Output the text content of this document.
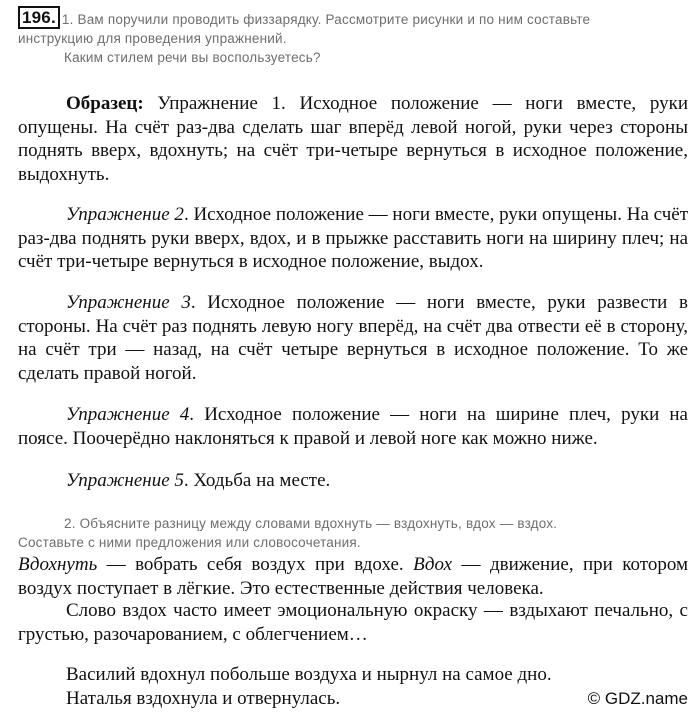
196. 1. Вам поручили проводить физзарядку. Рассмотрите рисунки и по ним составьте
инструкцию для проведения упражнений.
Каким стилем речи вы воспользуетесь?

Образец: Упражнение 1. Исходное положение — ноги вместе, руки опущены. На счёт раз-два сделать шаг вперёд левой ногой, руки через стороны поднять вверх, вдохнуть; на счёт три-четыре вернуться в исходное положение, выдохнуть.

Упражнение 2. Исходное положение — ноги вместе, руки опущены. На счёт раз-два поднять руки вверх, вдох, и в прыжке расставить ноги на ширину плеч; на счёт три-четыре вернуться в исходное положение, выдох.

Упражнение 3. Исходное положение — ноги вместе, руки развести в стороны. На счёт раз поднять левую ногу вперёд, на счёт два отвести её в сторону, на счёт три — назад, на счёт четыре вернуться в исходное положение. То же сделать правой ногой.

Упражнение 4. Исходное положение — ноги на ширине плеч, руки на поясе. Поочерёдно наклоняться к правой и левой ноге как можно ниже.

Упражнение 5. Ходьба на месте.

2. Объясните разницу между словами вдохнуть — вздохнуть, вдох — вздох.
Составьте с ними предложения или словосочетания.

Вдохнуть — вобрать себя воздух при вдохе. Вдох — движение, при котором воздух поступает в лёгкие. Это естественные действия человека.

Слово вздох часто имеет эмоциональную окраску — вздыхают печально, с грустью, разочарованием, с облегчением…

Василий вдохнул побольше воздуха и нырнул на самое дно.

Наталья вздохнула и отвернулась.	© GDZ.name
